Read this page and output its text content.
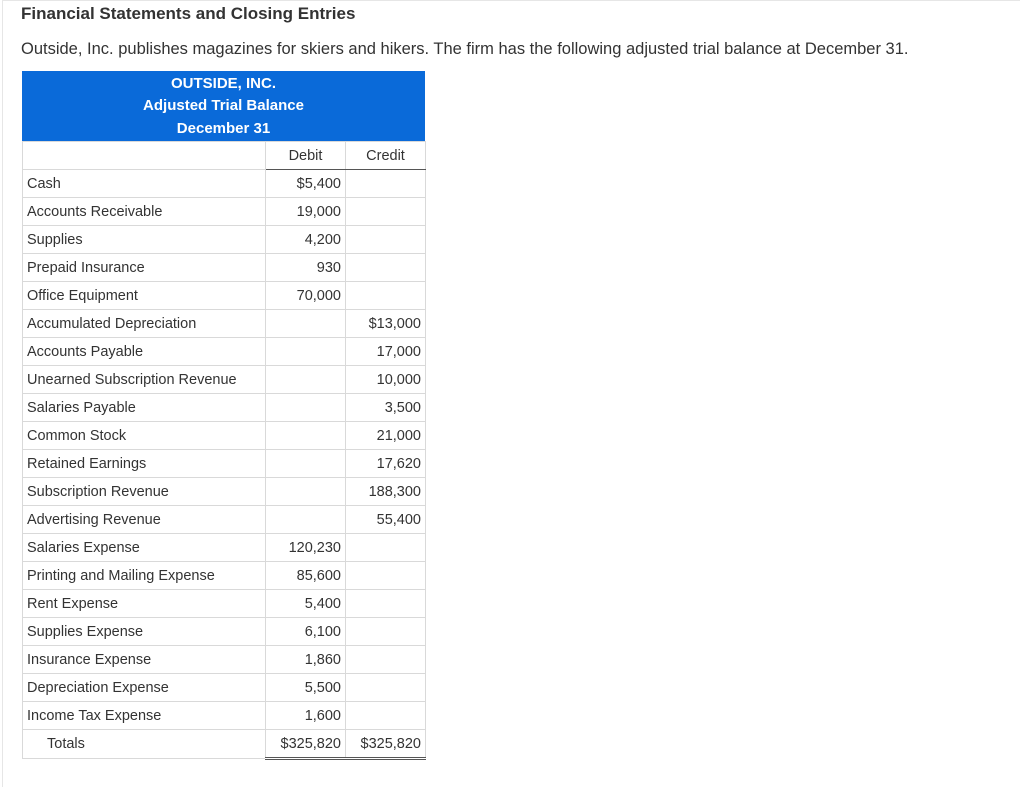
Financial Statements and Closing Entries

Outside, Inc. publishes magazines for skiers and hikers. The firm has the following adjusted trial balance at December 31.

OUTSIDE, INC.
Adjusted Trial Balance
December 31
	Debit	Credit
Cash	$5,400	
Accounts Receivable	19,000	
Supplies	4,200	
Prepaid Insurance	930	
Office Equipment	70,000	
Accumulated Depreciation		$13,000
Accounts Payable		17,000
Unearned Subscription Revenue		10,000
Salaries Payable		3,500
Common Stock		21,000
Retained Earnings		17,620
Subscription Revenue		188,300
Advertising Revenue		55,400
Salaries Expense	120,230	
Printing and Mailing Expense	85,600	
Rent Expense	5,400	
Supplies Expense	6,100	
Insurance Expense	1,860	
Depreciation Expense	5,500	
Income Tax Expense	1,600	
Totals	$325,820	$325,820
